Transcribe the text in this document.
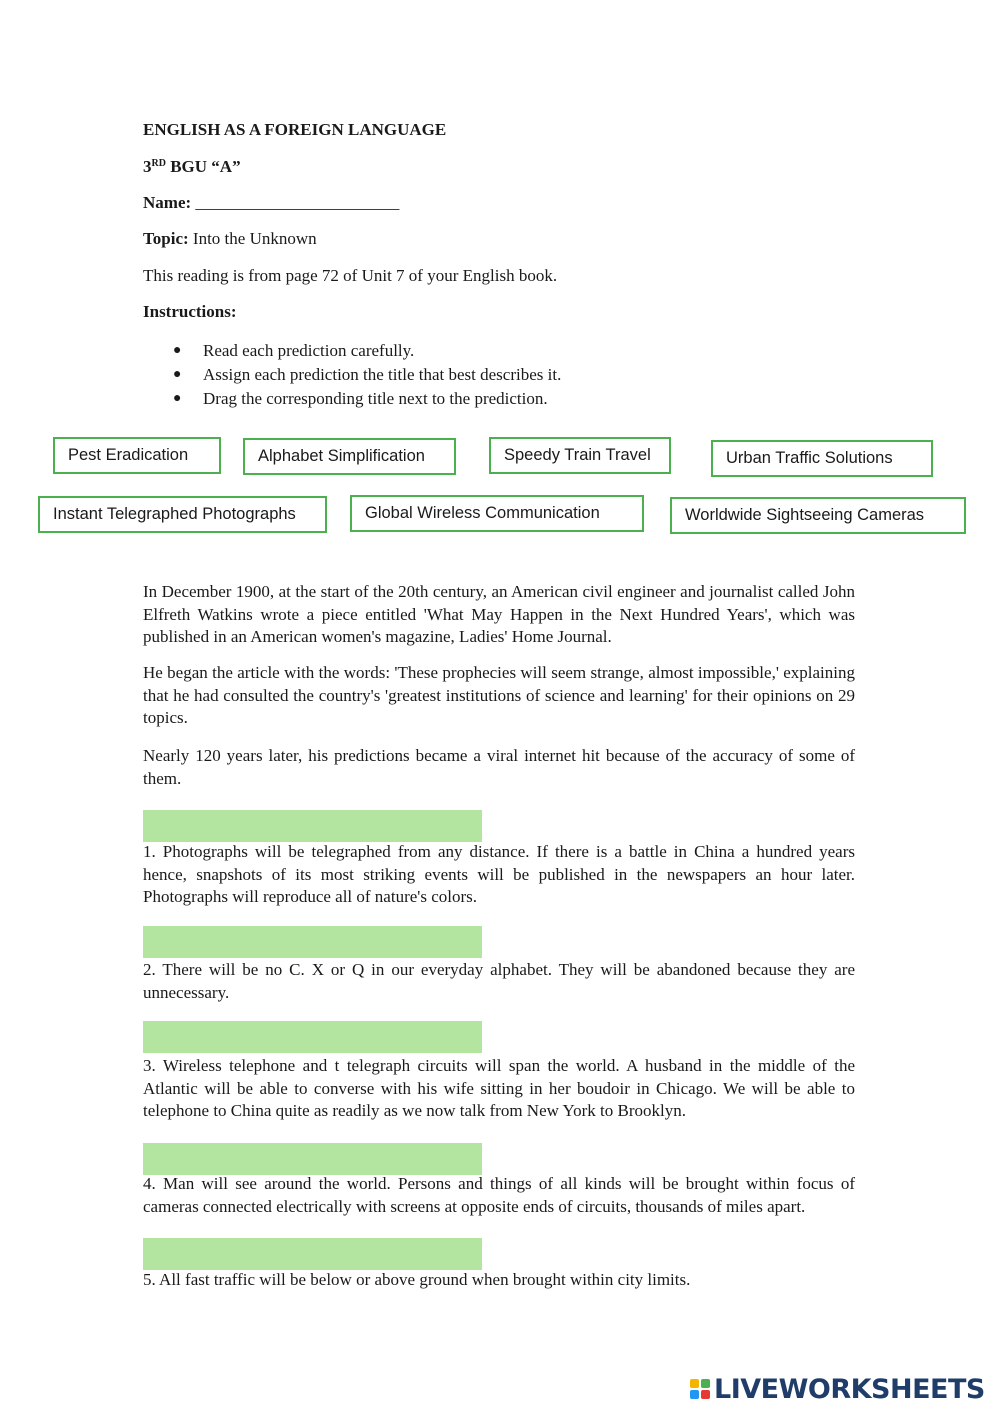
ENGLISH AS A FOREIGN LANGUAGE
3RD BGU “A”
Name: ________________________
Topic: Into the Unknown
This reading is from page 72 of Unit 7 of your English book.
Instructions:
● Read each prediction carefully.
● Assign each prediction the title that best describes it.
● Drag the corresponding title next to the prediction.
Pest Eradication	Alphabet Simplification	Speedy Train Travel	Urban Traffic Solutions
Instant Telegraphed Photographs	Global Wireless Communication	Worldwide Sightseeing Cameras

In December 1900, at the start of the 20th century, an American civil engineer and journalist called John Elfreth Watkins wrote a piece entitled 'What May Happen in the Next Hundred Years', which was published in an American women's magazine, Ladies' Home Journal.

He began the article with the words: 'These prophecies will seem strange, almost impossible,' explaining that he had consulted the country's 'greatest institutions of science and learning' for their opinions on 29 topics.

Nearly 120 years later, his predictions became a viral internet hit because of the accuracy of some of them.

1. Photographs will be telegraphed from any distance. If there is a battle in China a hundred years hence, snapshots of its most striking events will be published in the newspapers an hour later. Photographs will reproduce all of nature's colors.

2. There will be no C. X or Q in our everyday alphabet. They will be abandoned because they are unnecessary.

3. Wireless telephone and t telegraph circuits will span the world. A husband in the middle of the Atlantic will be able to converse with his wife sitting in her boudoir in Chicago. We will be able to telephone to China quite as readily as we now talk from New York to Brooklyn.

4. Man will see around the world. Persons and things of all kinds will be brought within focus of cameras connected electrically with screens at opposite ends of circuits, thousands of miles apart.

5. All fast traffic will be below or above ground when brought within city limits.

LIVEWORKSHEETS
